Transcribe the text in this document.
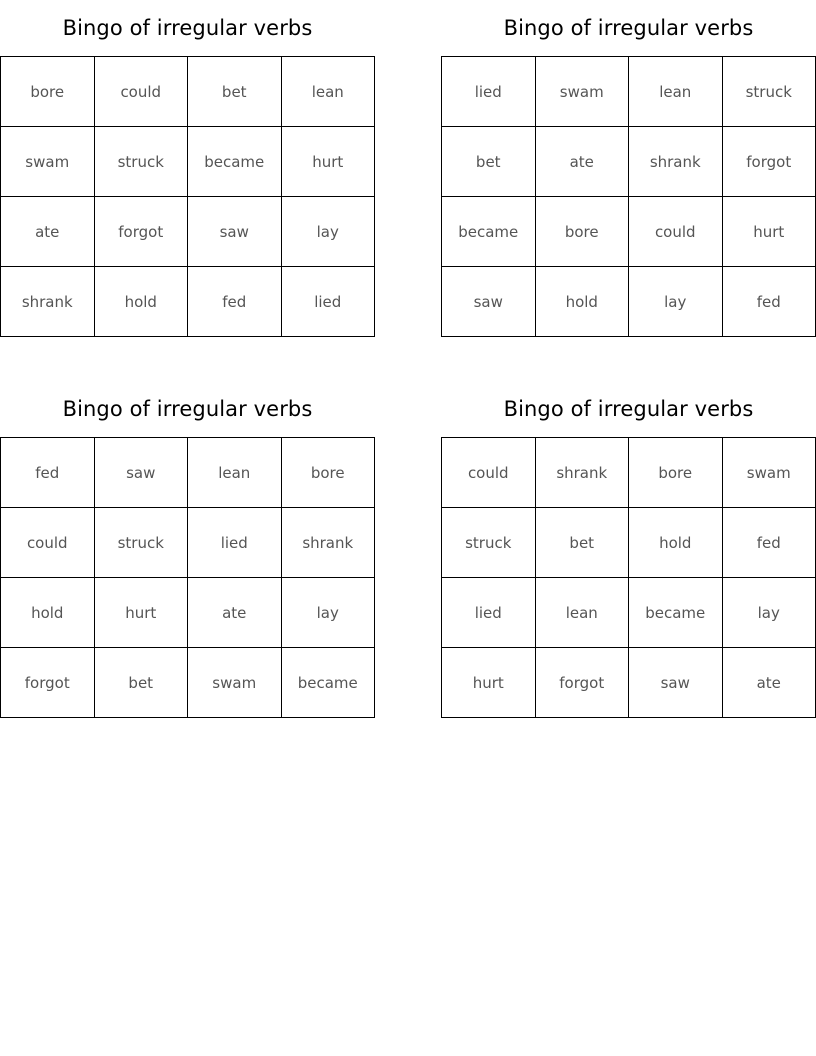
Bingo of irregular verbs
bore	could	bet	lean
swam	struck	became	hurt
ate	forgot	saw	lay
shrank	hold	fed	lied
Bingo of irregular verbs
lied	swam	lean	struck
bet	ate	shrank	forgot
became	bore	could	hurt
saw	hold	lay	fed
Bingo of irregular verbs
fed	saw	lean	bore
could	struck	lied	shrank
hold	hurt	ate	lay
forgot	bet	swam	became
Bingo of irregular verbs
could	shrank	bore	swam
struck	bet	hold	fed
lied	lean	became	lay
hurt	forgot	saw	ate
